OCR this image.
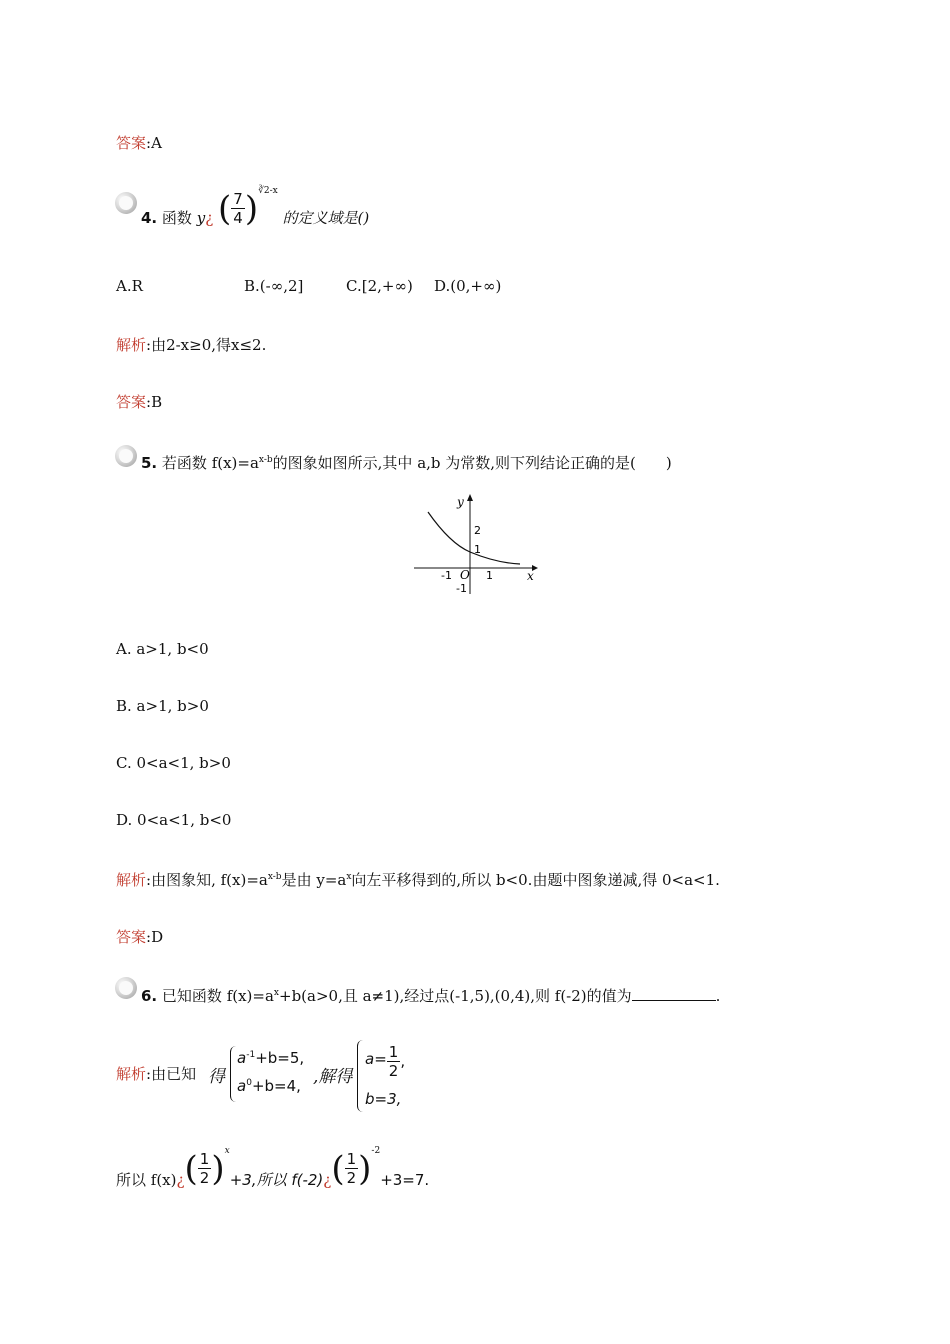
答案:A
4. 函数 y¿ ( $\frac{7}{4} )^{∛2-x}$ 的定义域是()
A.R	B.(-∞,2]	C.[2,+∞) D.(0,+∞)
解析:由2-x≥0,得x≤2.
答案:B
5. 若函数 $f(x)=a^{x-b}$的图象如图所示,其中 a,b 为常数,则下列结论正确的是(　　)
y
x
2
1
-1	1
-1
O
A. a>1, b<0
B. a>1, b>0
C. 0<a<1, b>0
D. 0<a<1, b<0
解析:由图象知, $f(x)=a^{x-b}$是由 $y=a^x$向左平移得到的,所以 b<0.由题中图象递减,得 0<a<1.
答案:D
6. 已知函数 $f(x)=a^x+b(a>0$,且 a≠1),经过点(-1,5),(0,4),则 f(-2)的值为	.
解析:由已知 得
$a^{-1}+b=5$,
$a^0+b=4$, ,解得
$a= \frac{1}{2}$ ,
b=3,
所以 f(x)¿( $\frac{1}{2} )^x+3$,所以 f(-2)¿( $\frac{1}{2} )^{-2}+3=7$.
